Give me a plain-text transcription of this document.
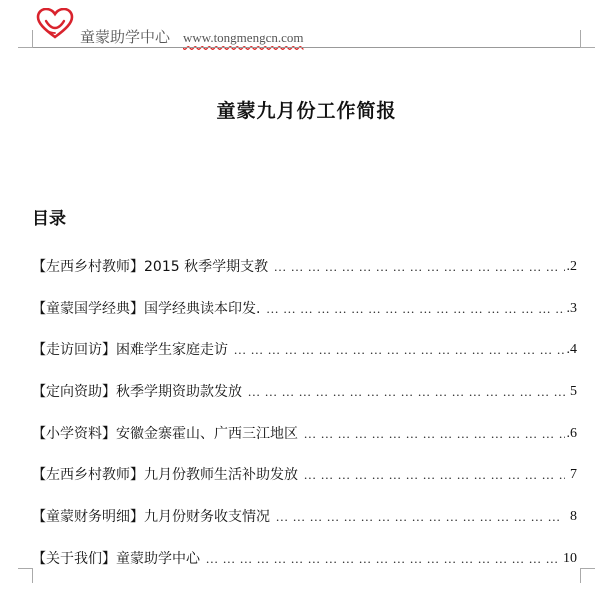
童蒙助学中心 www.tongmengcn.com
童蒙九月份工作简报
目录
【左西乡村教师】2015 秋季学期支教 ... .	.2
【童蒙国学经典】国学经典读本印发. ... .	.3
【走访回访】困难学生家庭走访 ... .	.4
【定向资助】秋季学期资助款发放 ... .	5
【小学资料】安徽金寨霍山、广西三江地区 ... .	.6
【左西乡村教师】九月份教师生活补助发放 ... .	7
【童蒙财务明细】九月份财务收支情况 ... .	8
【关于我们】童蒙助学中心 ... .	10
